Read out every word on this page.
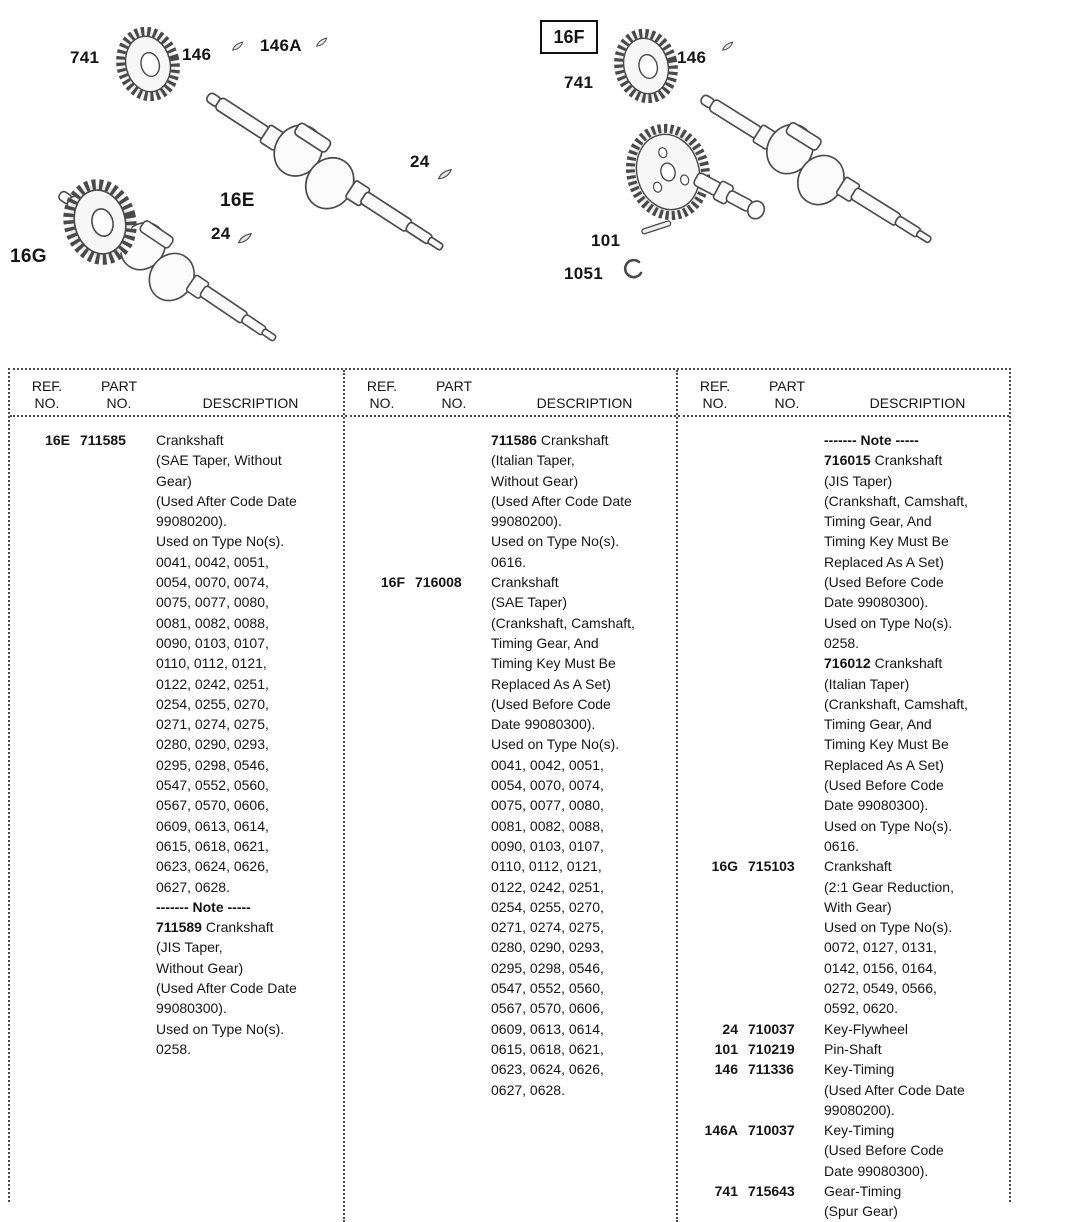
741	146	146A
24
16E
24
16G
16F
741
146
101
1051
REF.
NO.
PART
NO.	DESCRIPTION
16E 711585	Crankshaft
(SAE Taper, Without
Gear)
(Used After Code Date
99080200).
Used on Type No(s).
0041, 0042, 0051,
0054, 0070, 0074,
0075, 0077, 0080,
0081, 0082, 0088,
0090, 0103, 0107,
0110, 0112, 0121,
0122, 0242, 0251,
0254, 0255, 0270,
0271, 0274, 0275,
0280, 0290, 0293,
0295, 0298, 0546,
0547, 0552, 0560,
0567, 0570, 0606,
0609, 0613, 0614,
0615, 0618, 0621,
0623, 0624, 0626,
0627, 0628.
------- Note -----
711589 Crankshaft
(JIS Taper,
Without Gear)
(Used After Code Date
99080300).
Used on Type No(s).
0258.
REF.
NO.
PART
NO.	DESCRIPTION
711586 Crankshaft
(Italian Taper,
Without Gear)
(Used After Code Date
99080200).
Used on Type No(s).
0616.
16F 716008	Crankshaft
(SAE Taper)
(Crankshaft, Camshaft,
Timing Gear, And
Timing Key Must Be
Replaced As A Set)
(Used Before Code
Date 99080300).
Used on Type No(s).
0041, 0042, 0051,
0054, 0070, 0074,
0075, 0077, 0080,
0081, 0082, 0088,
0090, 0103, 0107,
0110, 0112, 0121,
0122, 0242, 0251,
0254, 0255, 0270,
0271, 0274, 0275,
0280, 0290, 0293,
0295, 0298, 0546,
0547, 0552, 0560,
0567, 0570, 0606,
0609, 0613, 0614,
0615, 0618, 0621,
0623, 0624, 0626,
0627, 0628.
REF.
NO.
PART
NO.	DESCRIPTION
------- Note -----
716015 Crankshaft
(JIS Taper)
(Crankshaft, Camshaft,
Timing Gear, And
Timing Key Must Be
Replaced As A Set)
(Used Before Code
Date 99080300).
Used on Type No(s).
0258.
716012 Crankshaft
(Italian Taper)
(Crankshaft, Camshaft,
Timing Gear, And
Timing Key Must Be
Replaced As A Set)
(Used Before Code
Date 99080300).
Used on Type No(s).
0616.
16G 715103	Crankshaft
(2:1 Gear Reduction,
With Gear)
Used on Type No(s).
0072, 0127, 0131,
0142, 0156, 0164,
0272, 0549, 0566,
0592, 0620.
24 710037	Key-Flywheel
101 710219	Pin-Shaft
146 711336	Key-Timing
(Used After Code Date
99080200).
146A 710037	Key-Timing
(Used Before Code
Date 99080300).
741 715643	Gear-Timing
(Spur Gear)
